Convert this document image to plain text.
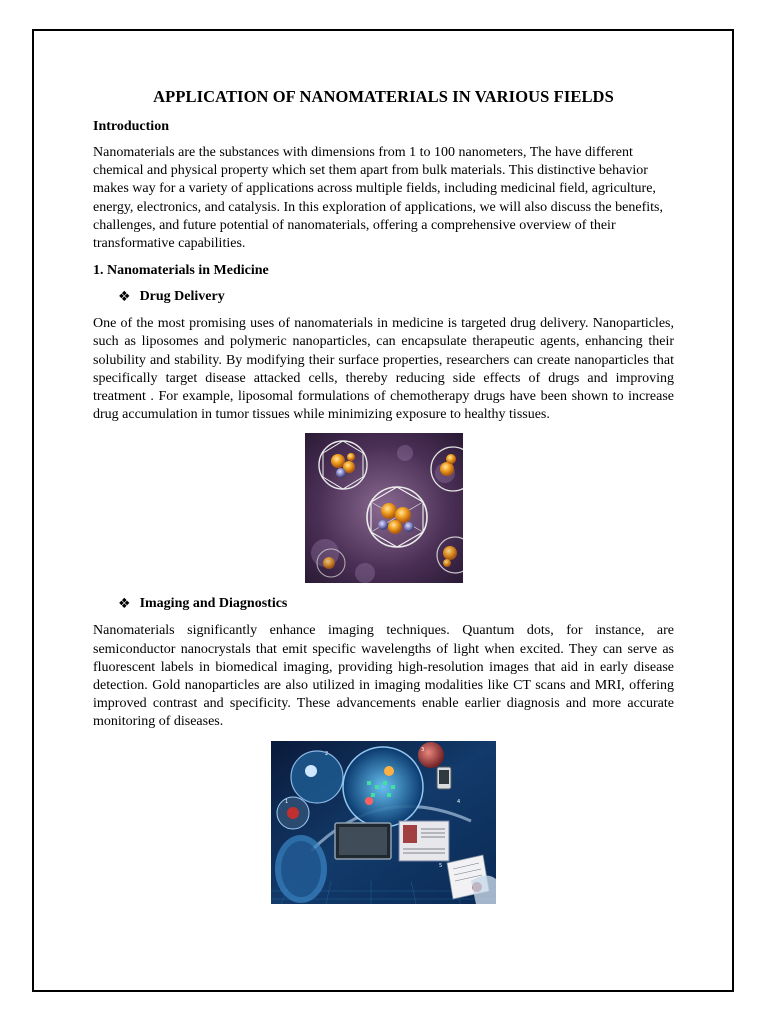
APPLICATION OF NANOMATERIALS IN VARIOUS FIELDS
Introduction

Nanomaterials are the substances with dimensions from 1 to 100 nanometers, The have different chemical and physical property which set them apart from bulk materials. This distinctive behavior makes way for a variety of applications across multiple fields, including medicinal field, agriculture, energy, electronics, and catalysis. In this exploration of applications, we will also discuss the benefits, challenges, and future potential of nanomaterials, offering a comprehensive overview of their transformative capabilities.

1. Nanomaterials in Medicine
❖ Drug Delivery

One of the most promising uses of nanomaterials in medicine is targeted drug delivery. Nanoparticles, such as liposomes and polymeric nanoparticles, can encapsulate therapeutic agents, enhancing their solubility and stability. By modifying their surface properties, researchers can create nanoparticles that specifically target disease attacked cells, thereby reducing side effects of drugs and improving treatment . For example, liposomal formulations of chemotherapy drugs have been shown to increase drug accumulation in tumor tissues while minimizing exposure to healthy tissues.

❖ Imaging and Diagnostics

Nanomaterials significantly enhance imaging techniques. Quantum dots, for instance, are semiconductor nanocrystals that emit specific wavelengths of light when excited. They can serve as fluorescent labels in biomedical imaging, providing high-resolution images that aid in early disease detection. Gold nanoparticles are also utilized in imaging modalities like CT scans and MRI, offering improved contrast and specificity. These advancements enable earlier diagnosis and more accurate monitoring of diseases.

2
3
4
5
1
